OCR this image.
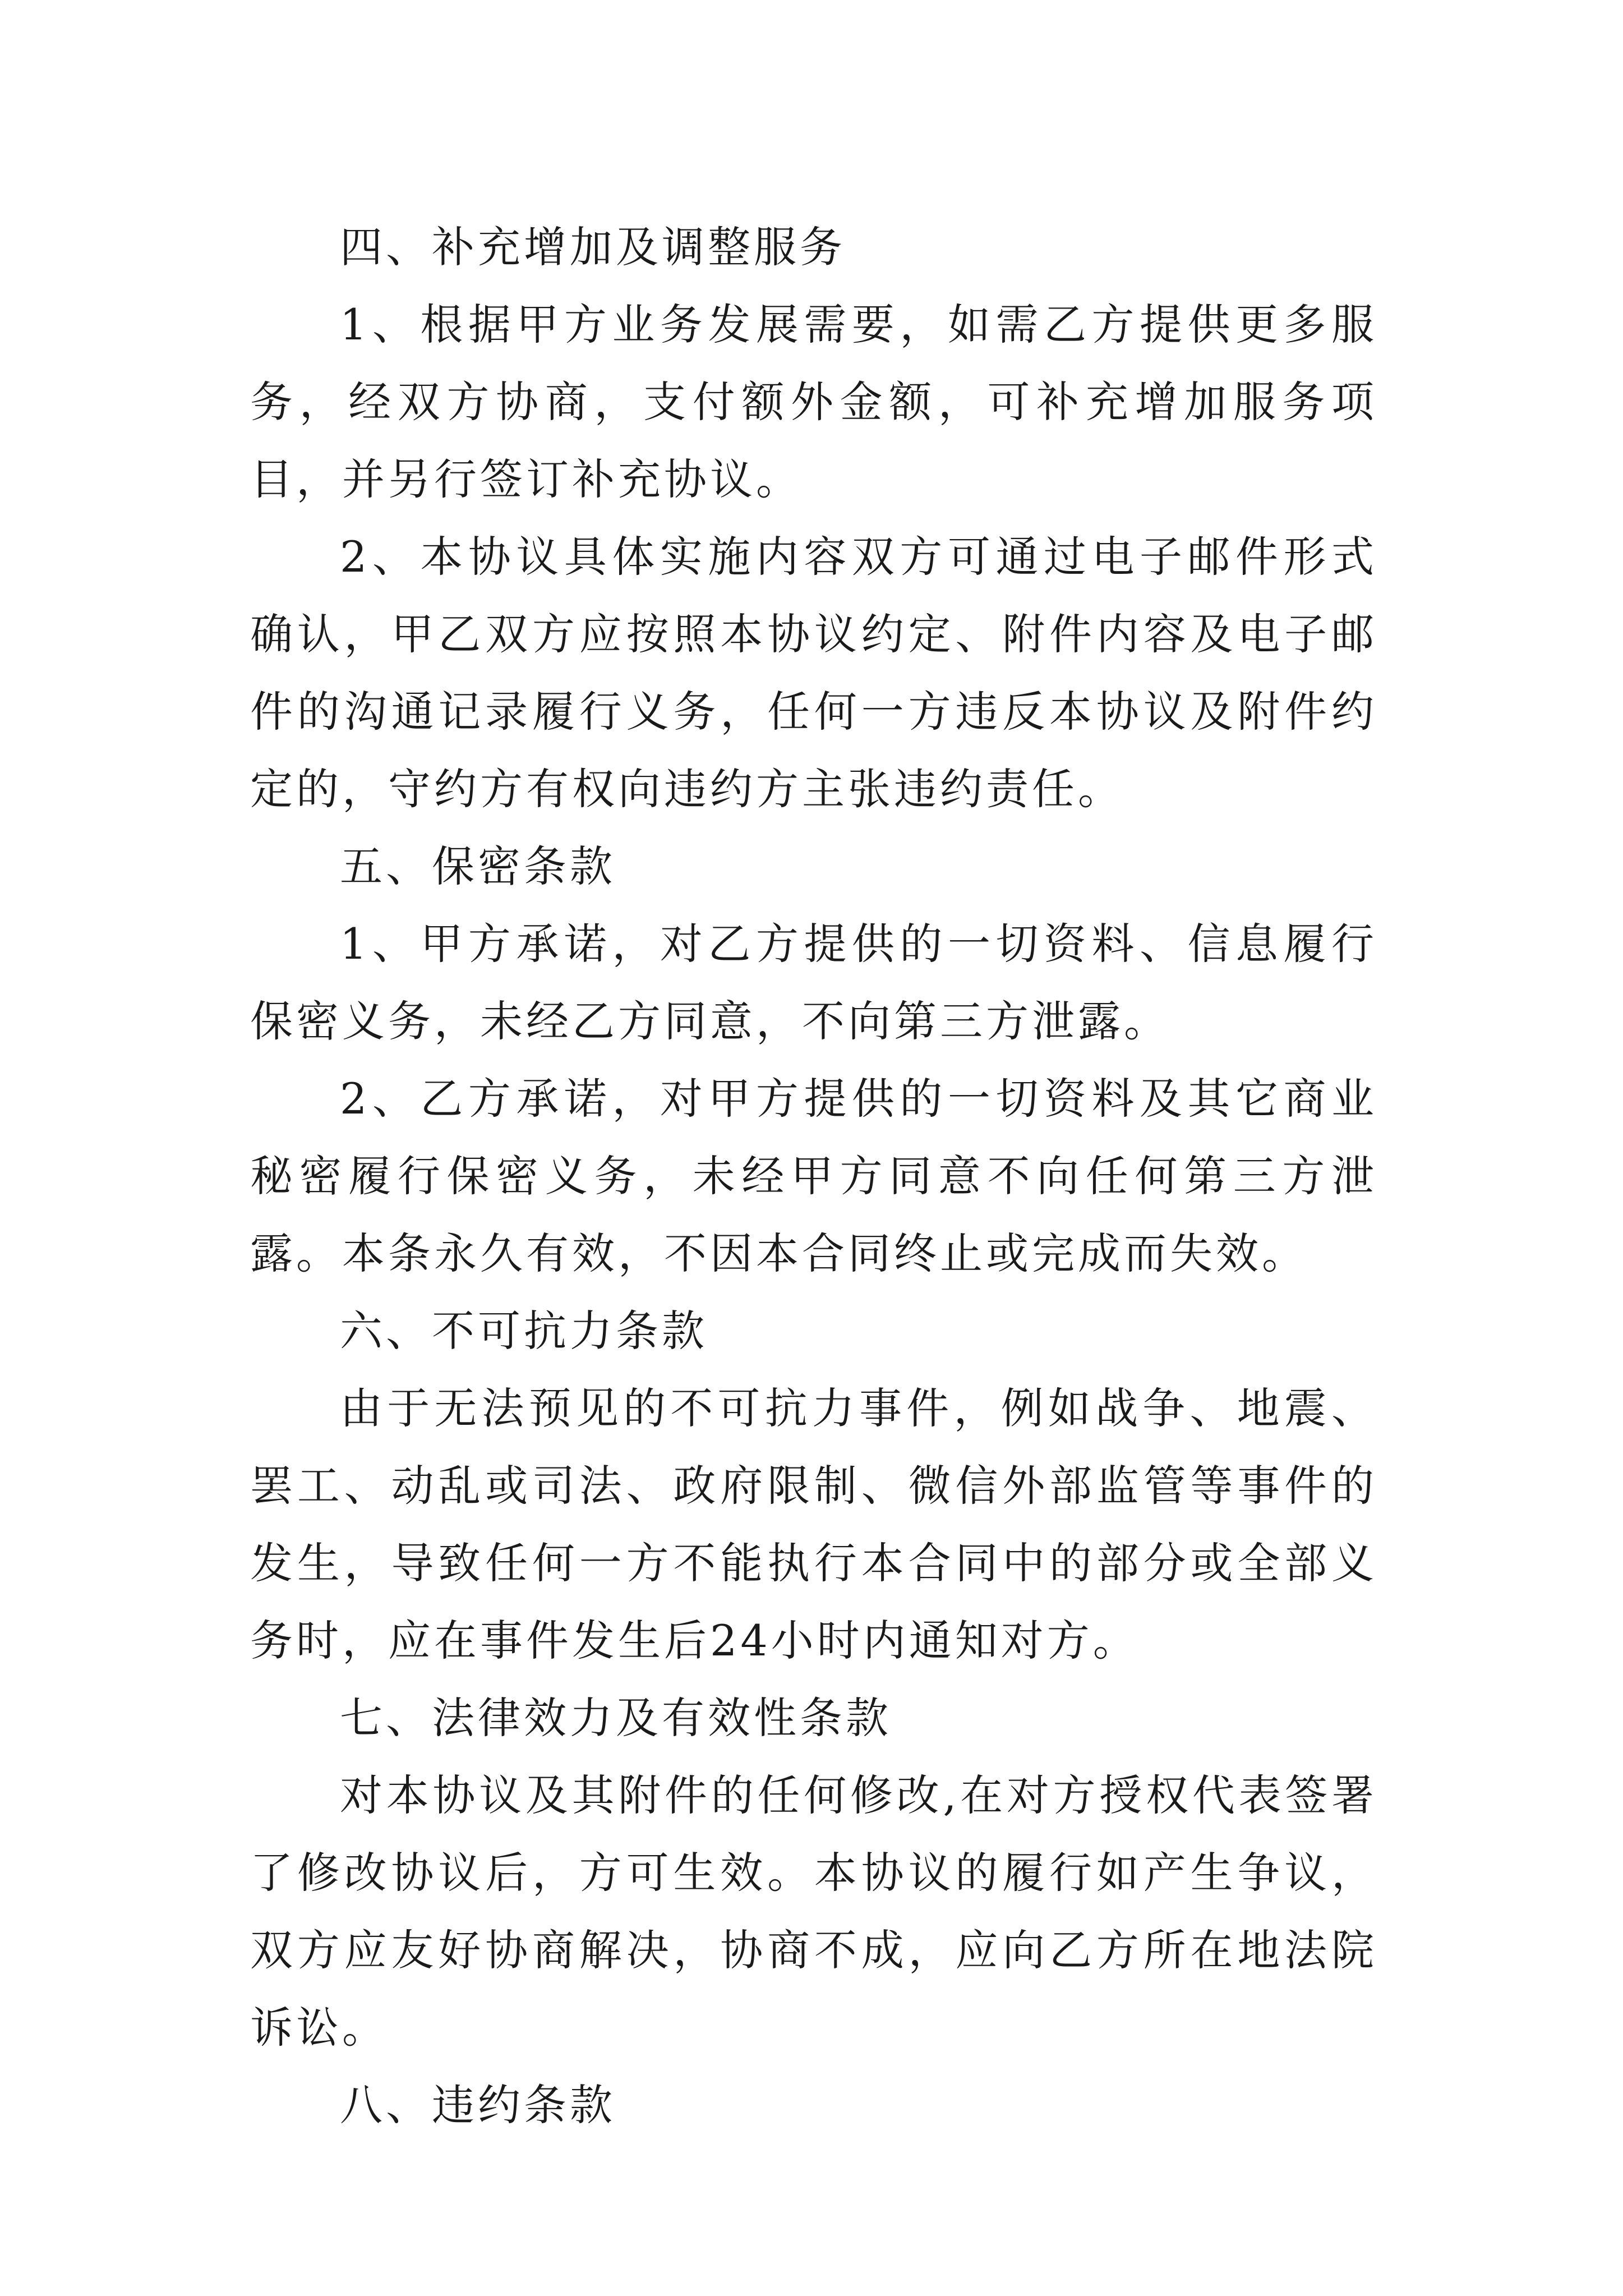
四、补充增加及调整服务

1、根据甲方业务发展需要，如需乙方提供更多服务，经双方协商，支付额外金额，可补充增加服务项目，并另行签订补充协议。

2、本协议具体实施内容双方可通过电子邮件形式确认，甲乙双方应按照本协议约定、附件内容及电子邮件的沟通记录履行义务，任何一方违反本协议及附件约定的，守约方有权向违约方主张违约责任。

五、保密条款

1、甲方承诺，对乙方提供的一切资料、信息履行保密义务，未经乙方同意，不向第三方泄露。

2、乙方承诺，对甲方提供的一切资料及其它商业秘密履行保密义务，未经甲方同意不向任何第三方泄露。本条永久有效，不因本合同终止或完成而失效。

六、不可抗力条款

由于无法预见的不可抗力事件，例如战争、地震、罢工、动乱或司法、政府限制、微信外部监管等事件的发生，导致任何一方不能执行本合同中的部分或全部义务时，应在事件发生后24小时内通知对方。

七、法律效力及有效性条款

对本协议及其附件的任何修改,在对方授权代表签署了修改协议后，方可生效。本协议的履行如产生争议，双方应友好协商解决，协商不成，应向乙方所在地法院诉讼。

八、违约条款
